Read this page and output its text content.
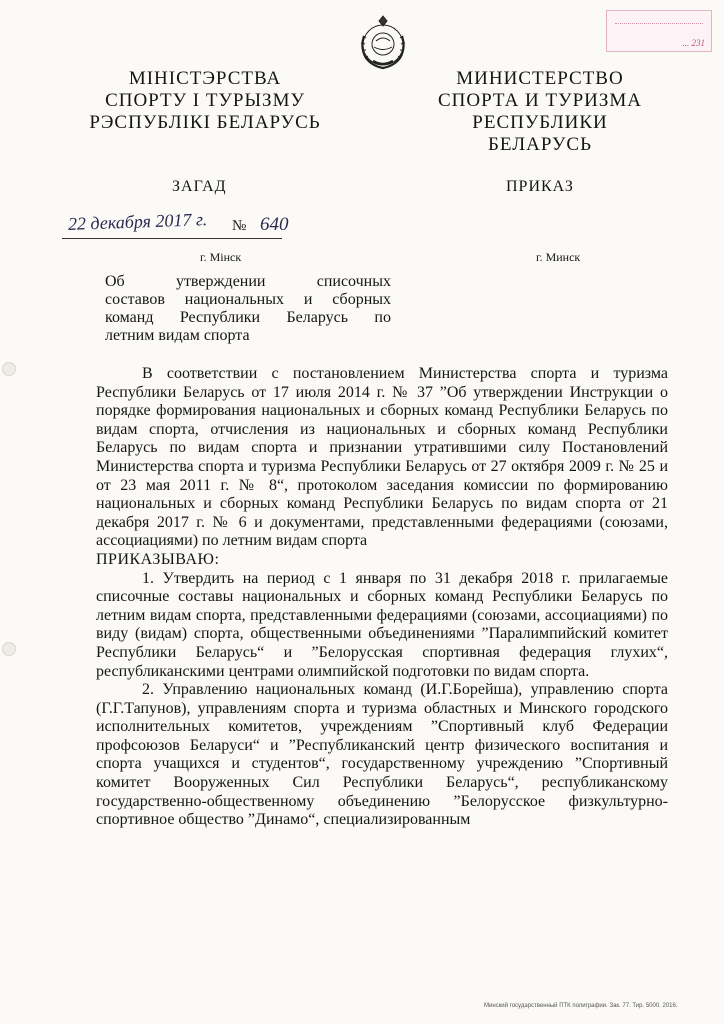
... 231
МІНІСТЭРСТВА
СПОРТУ І ТУРЫЗМУ
РЭСПУБЛІКІ БЕЛАРУСЬ
МИНИСТЕРСТВО
СПОРТА И ТУРИЗМА
РЕСПУБЛИКИ БЕЛАРУСЬ
ЗАГАД	ПРИКАЗ
22 декабря 2017 г. № 640
г. Мінск	г. Минск
Об утверждении списочных
составов национальных и сборных
команд Республики Беларусь по
летним видам спорта

В соответствии с постановлением Министерства спорта и туризма Республики Беларусь от 17 июля 2014 г. № 37 ”Об утверждении Инструкции о порядке формирования национальных и сборных команд Республики Беларусь по видам спорта, отчисления из национальных и сборных команд Республики Беларусь по видам спорта и признании утратившими силу Постановлений Министерства спорта и туризма Республики Беларусь от 27 октября 2009 г. № 25 и от 23 мая 2011 г. № 8“, протоколом заседания комиссии по формированию национальных и сборных команд Республики Беларусь по видам спорта от 21 декабря 2017 г. № 6 и документами, представленными федерациями (союзами, ассоциациями) по летним видам спорта

ПРИКАЗЫВАЮ:

1. Утвердить на период с 1 января по 31 декабря 2018 г. прилагаемые списочные составы национальных и сборных команд Республики Беларусь по летним видам спорта, представленными федерациями (союзами, ассоциациями) по виду (видам) спорта, общественными объединениями ”Паралимпийский комитет Республики Беларусь“ и ”Белорусская спортивная федерация глухих“, республиканскими центрами олимпийской подготовки по видам спорта.

2. Управлению национальных команд (И.Г.Борейша), управлению спорта (Г.Г.Тапунов), управлениям спорта и туризма областных и Минского городского исполнительных комитетов, учреждениям ”Спортивный клуб Федерации профсоюзов Беларуси“ и ”Республиканский центр физического воспитания и спорта учащихся и студентов“, государственному учреждению ”Спортивный комитет Вооруженных Сил Республики Беларусь“, республиканскому государственно-общественному объединению ”Белорусское физкультурно-спортивное общество ”Динамо“, специализированным

Минский государственный ПТК полиграфии. Зак. 77. Тир. 5000. 2016.
